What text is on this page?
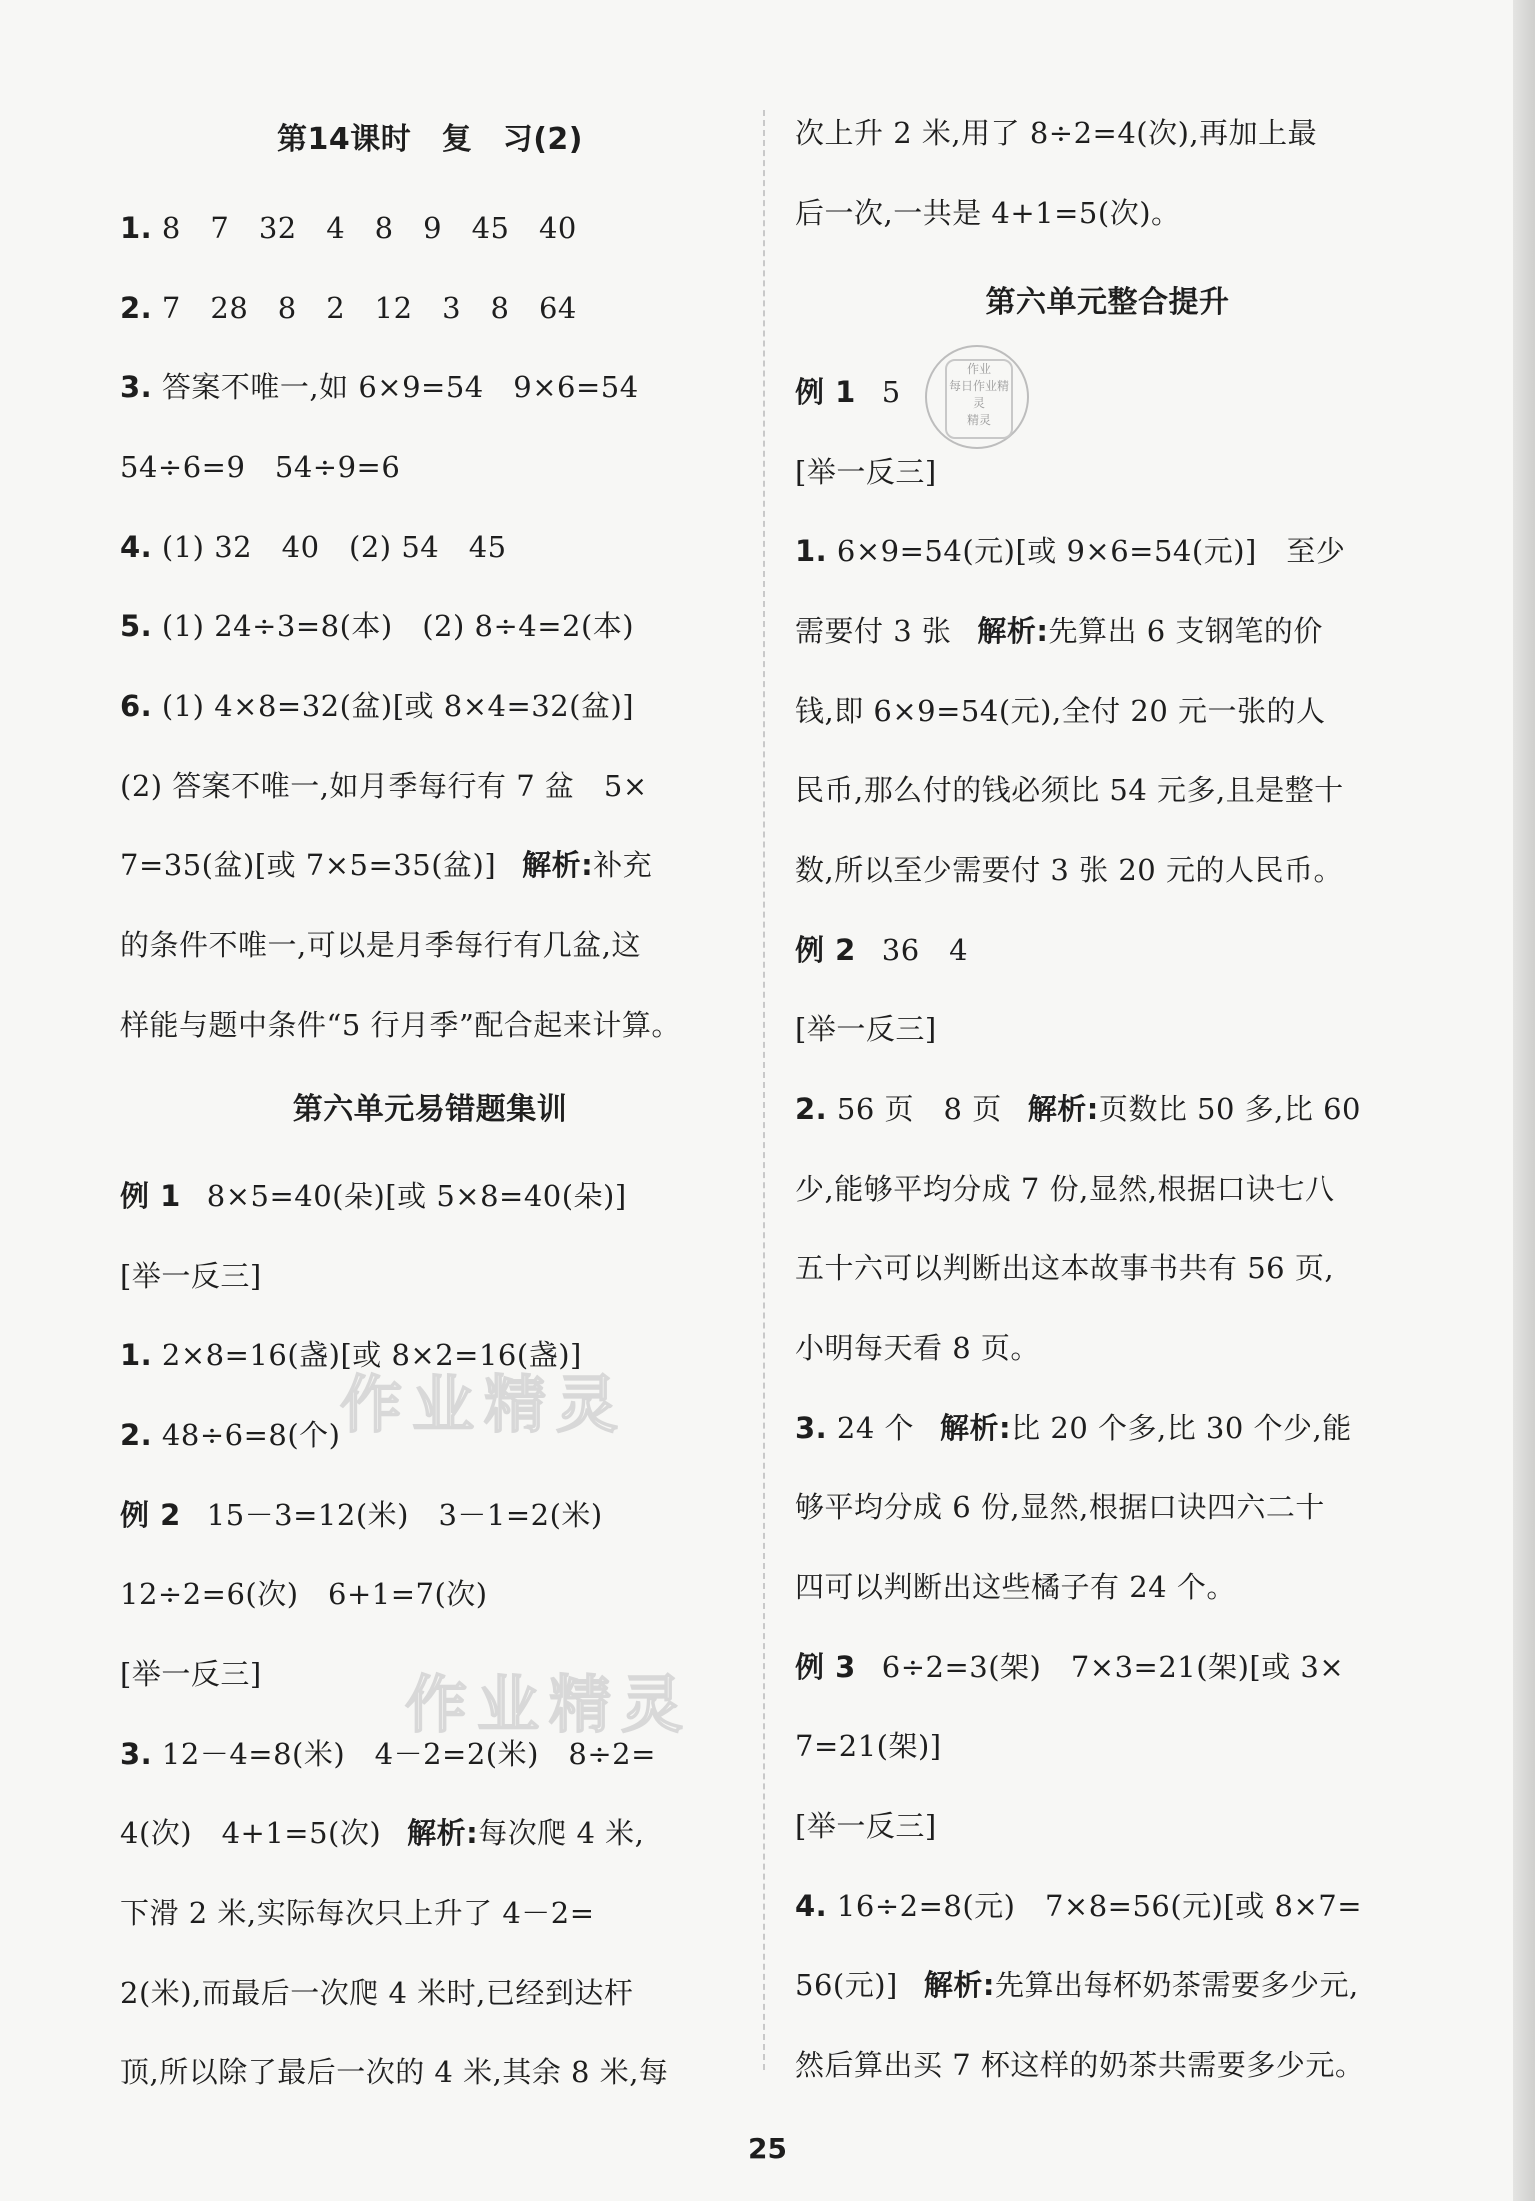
作业精灵
作业精灵
作业
每日作业精灵
精灵
第14课时　复　习(2)
1. 8　7　32　4　8　9　45　40
2. 7　28　8　2　12　3　8　64
3. 答案不唯一,如 6×9=54　9×6=54
54÷6=9　54÷9=6
4. (1) 32　40　(2) 54　45
5. (1) 24÷3=8(本)　(2) 8÷4=2(本)
6. (1) 4×8=32(盆)[或 8×4=32(盆)]
(2) 答案不唯一,如月季每行有 7 盆　5×
7=35(盆)[或 7×5=35(盆)] 解析:补充
的条件不唯一,可以是月季每行有几盆,这
样能与题中条件“5 行月季”配合起来计算。
第六单元易错题集训
例 1 8×5=40(朵)[或 5×8=40(朵)]
[举一反三]
1. 2×8=16(盏)[或 8×2=16(盏)]
2. 48÷6=8(个)
例 2 15－3=12(米)　3－1=2(米)
12÷2=6(次)　6+1=7(次)
[举一反三]
3. 12－4=8(米)　4－2=2(米)　8÷2=
4(次)　4+1=5(次) 解析:每次爬 4 米,
下滑 2 米,实际每次只上升了 4－2=
2(米),而最后一次爬 4 米时,已经到达杆
顶,所以除了最后一次的 4 米,其余 8 米,每
次上升 2 米,用了 8÷2=4(次),再加上最
后一次,一共是 4+1=5(次)。
第六单元整合提升
例 1 5
[举一反三]
1. 6×9=54(元)[或 9×6=54(元)]　至少
需要付 3 张 解析:先算出 6 支钢笔的价
钱,即 6×9=54(元),全付 20 元一张的人
民币,那么付的钱必须比 54 元多,且是整十
数,所以至少需要付 3 张 20 元的人民币。
例 2 36　4
[举一反三]
2. 56 页　8 页 解析:页数比 50 多,比 60
少,能够平均分成 7 份,显然,根据口诀七八
五十六可以判断出这本故事书共有 56 页,
小明每天看 8 页。
3. 24 个 解析:比 20 个多,比 30 个少,能
够平均分成 6 份,显然,根据口诀四六二十
四可以判断出这些橘子有 24 个。
例 3 6÷2=3(架)　7×3=21(架)[或 3×
7=21(架)]
[举一反三]
4. 16÷2=8(元)　7×8=56(元)[或 8×7=
56(元)] 解析:先算出每杯奶茶需要多少元,
然后算出买 7 杯这样的奶茶共需要多少元。
25
